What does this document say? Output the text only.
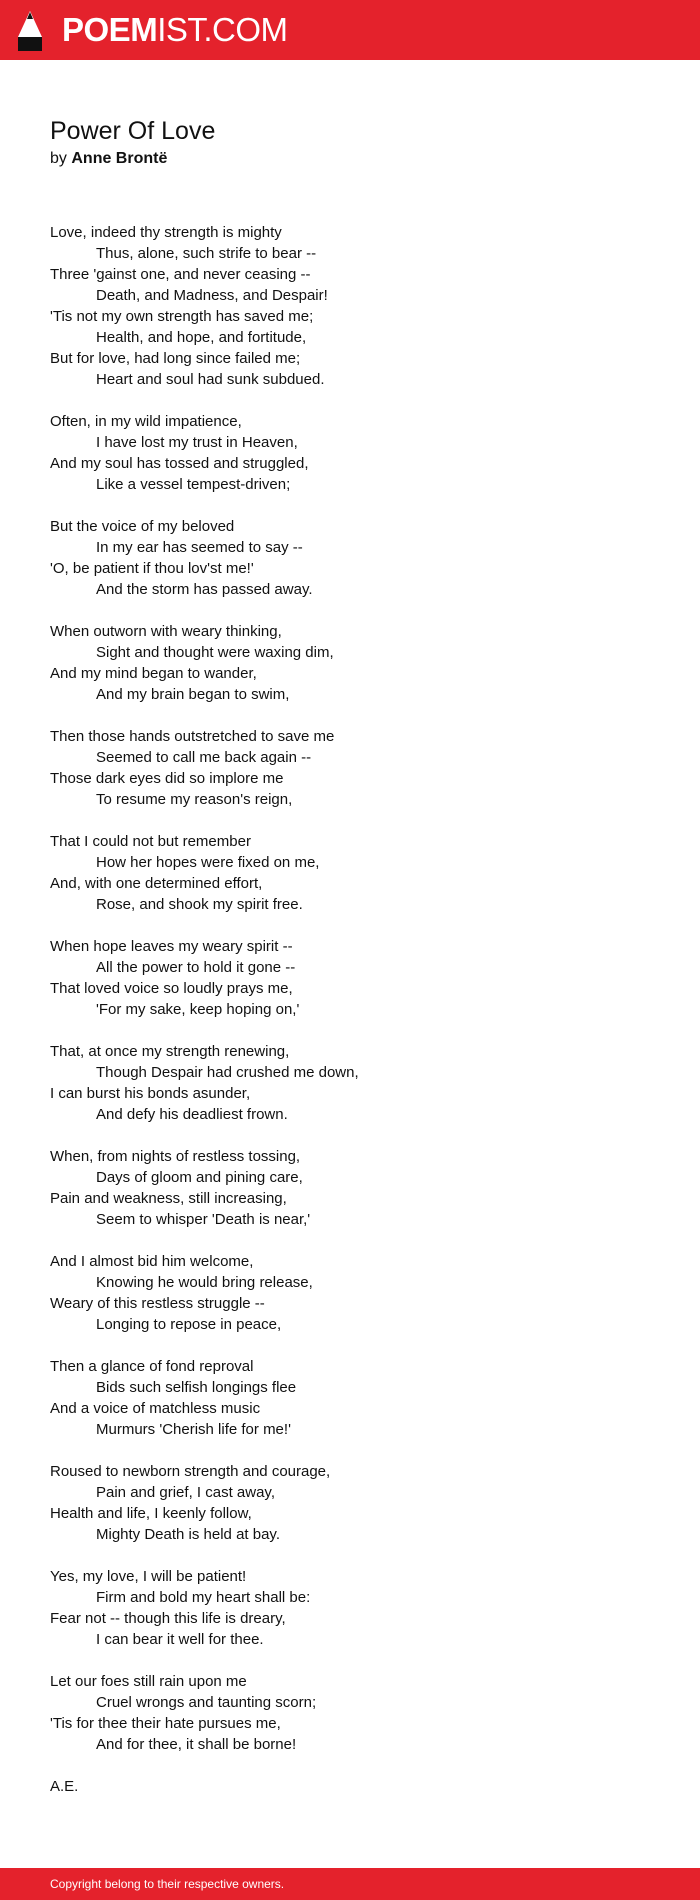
POEMIST.COM
Power Of Love
by Anne Brontë
Love, indeed thy strength is mighty
Thus, alone, such strife to bear --
Three 'gainst one, and never ceasing --
Death, and Madness, and Despair!
'Tis not my own strength has saved me;
Health, and hope, and fortitude,
But for love, had long since failed me;
Heart and soul had sunk subdued.
Often, in my wild impatience,
I have lost my trust in Heaven,
And my soul has tossed and struggled,
Like a vessel tempest-driven;
But the voice of my beloved
In my ear has seemed to say --
'O, be patient if thou lov'st me!'
And the storm has passed away.
When outworn with weary thinking,
Sight and thought were waxing dim,
And my mind began to wander,
And my brain began to swim,
Then those hands outstretched to save me
Seemed to call me back again --
Those dark eyes did so implore me
To resume my reason's reign,
That I could not but remember
How her hopes were fixed on me,
And, with one determined effort,
Rose, and shook my spirit free.
When hope leaves my weary spirit --
All the power to hold it gone --
That loved voice so loudly prays me,
'For my sake, keep hoping on,'
That, at once my strength renewing,
Though Despair had crushed me down,
I can burst his bonds asunder,
And defy his deadliest frown.
When, from nights of restless tossing,
Days of gloom and pining care,
Pain and weakness, still increasing,
Seem to whisper 'Death is near,'
And I almost bid him welcome,
Knowing he would bring release,
Weary of this restless struggle --
Longing to repose in peace,
Then a glance of fond reproval
Bids such selfish longings flee
And a voice of matchless music
Murmurs 'Cherish life for me!'
Roused to newborn strength and courage,
Pain and grief, I cast away,
Health and life, I keenly follow,
Mighty Death is held at bay.
Yes, my love, I will be patient!
Firm and bold my heart shall be:
Fear not -- though this life is dreary,
I can bear it well for thee.
Let our foes still rain upon me
Cruel wrongs and taunting scorn;
'Tis for thee their hate pursues me,
And for thee, it shall be borne!
A.E.
Copyright belong to their respective owners.
